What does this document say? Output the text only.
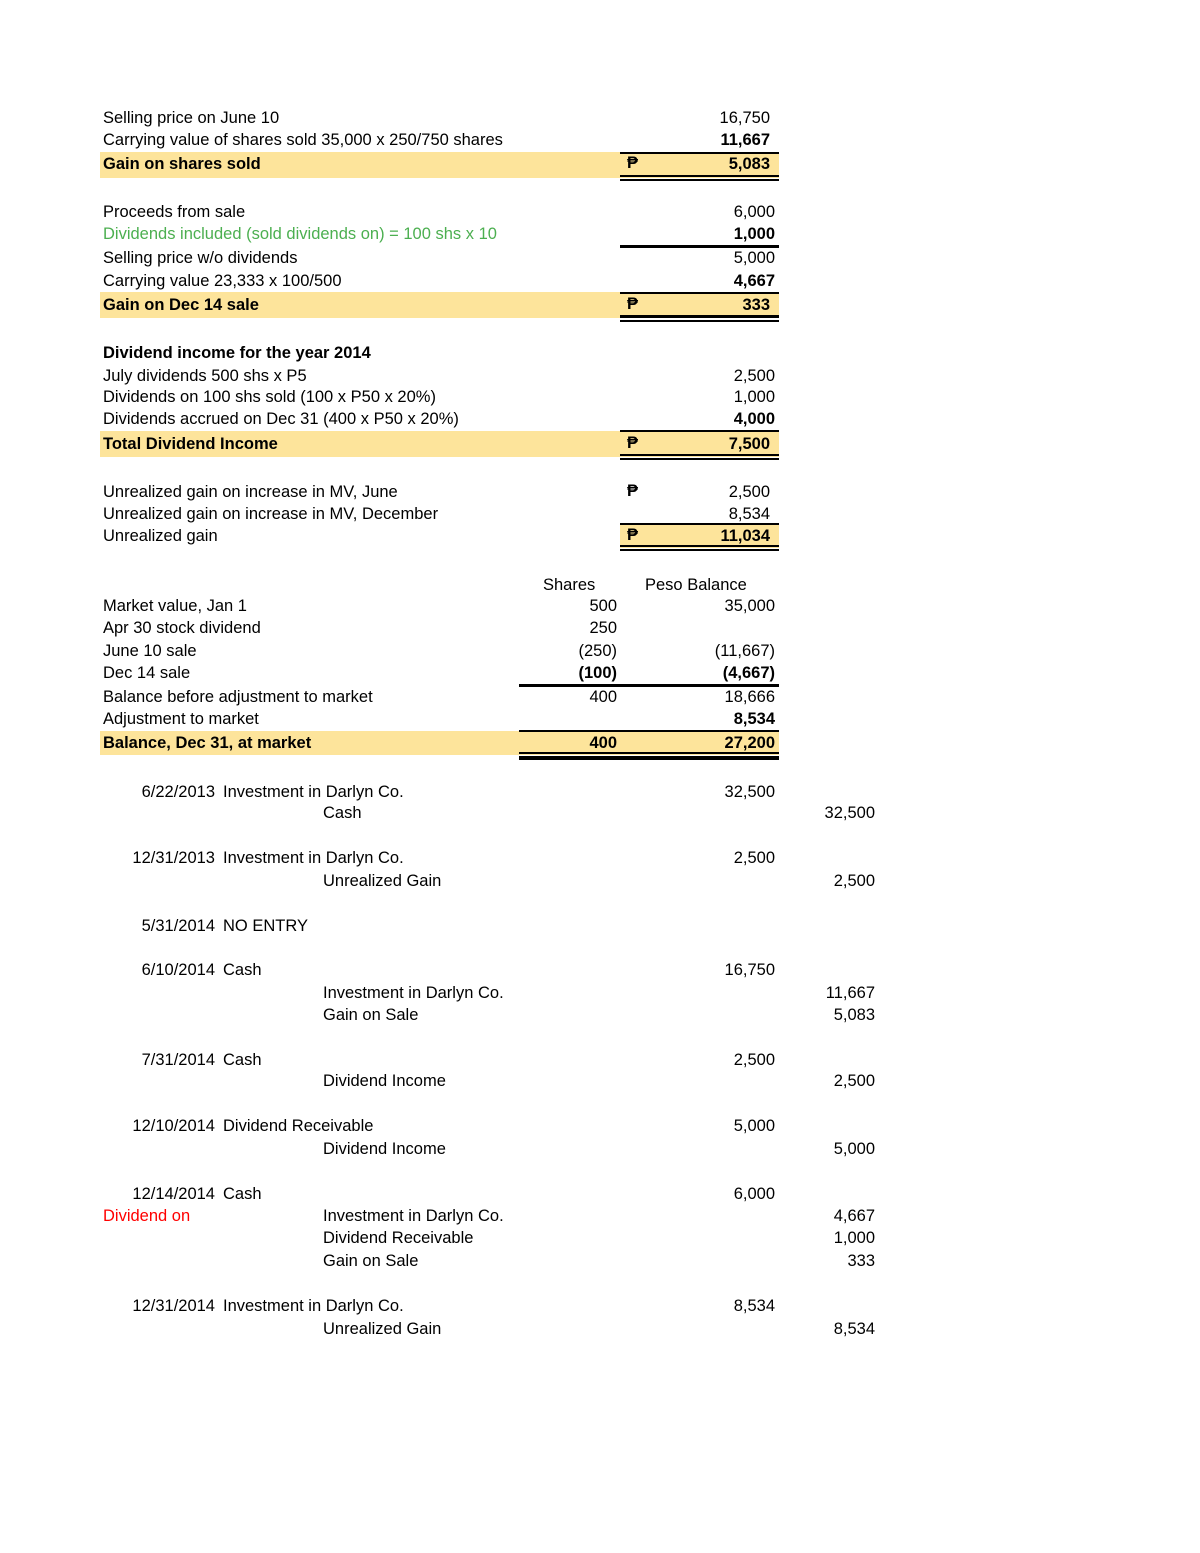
Selling price on June 10	16,750
Carrying value of shares sold 35,000 x 250/750 shares	11,667
Gain on shares sold	₱	5,083
Proceeds from sale	6,000
Dividends included (sold dividends on) = 100 shs x 10	1,000
Selling price w/o dividends	5,000
Carrying value 23,333 x 100/500	4,667
Gain on Dec 14 sale	₱	333
Dividend income for the year 2014
July dividends 500 shs x P5	2,500
Dividends on 100 shs sold (100 x P50 x 20%)	1,000
Dividends accrued on Dec 31 (400 x P50 x 20%)	4,000
Total Dividend Income	₱	7,500
Unrealized gain on increase in MV, June	₱	2,500
Unrealized gain on increase in MV, December	8,534
Unrealized gain	₱	11,034
Shares	Peso Balance
Market value, Jan 1	500	35,000
Apr 30 stock dividend	250
June 10 sale	(250)	(11,667)
Dec 14 sale	(100)	(4,667)
Balance before adjustment to market	400	18,666
Adjustment to market	8,534
Balance, Dec 31, at market	400	27,200
6/22/2013 Investment in Darlyn Co.	32,500
Cash	32,500
12/31/2013 Investment in Darlyn Co.	2,500
Unrealized Gain	2,500
5/31/2014 NO ENTRY
6/10/2014 Cash	16,750
Investment in Darlyn Co.	11,667
Gain on Sale	5,083
7/31/2014 Cash	2,500
Dividend Income	2,500
12/10/2014 Dividend Receivable	5,000
Dividend Income	5,000
12/14/2014 Cash	6,000
Dividend on	Investment in Darlyn Co.	4,667
Dividend Receivable	1,000
Gain on Sale	333
12/31/2014 Investment in Darlyn Co.	8,534
Unrealized Gain	8,534
